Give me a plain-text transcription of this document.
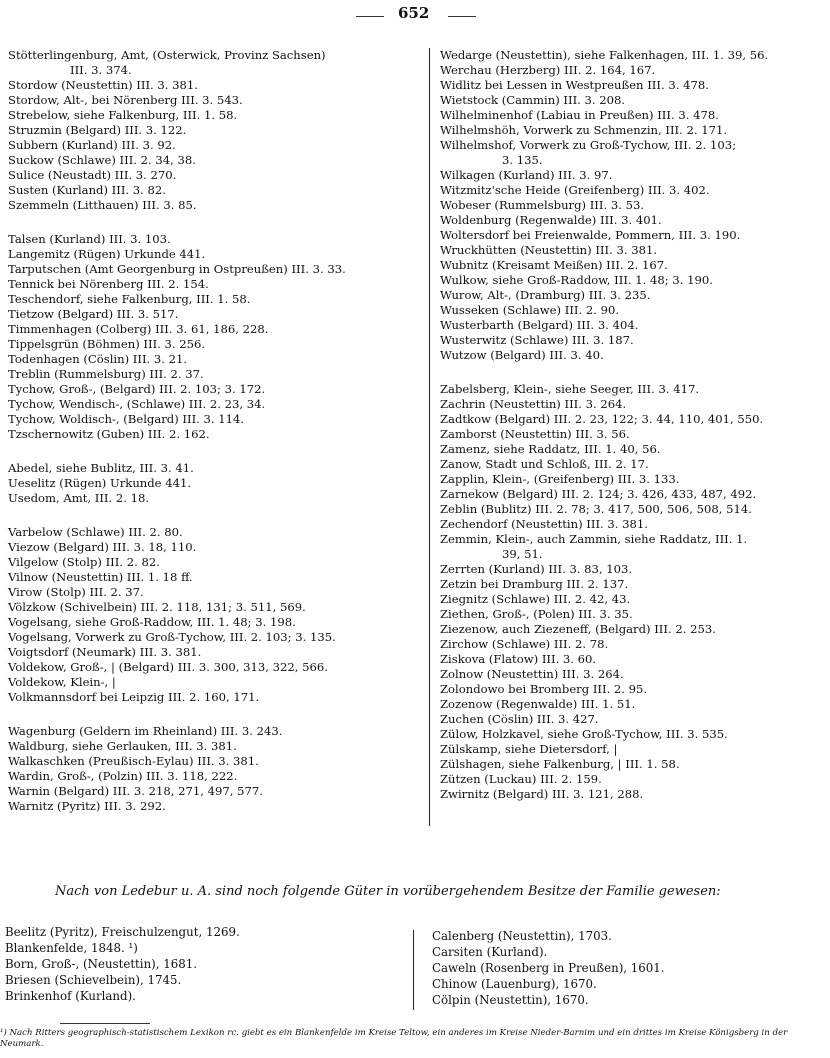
652
Stötterlingenburg, Amt, (Osterwick, Provinz Sachsen)
III. 3. 374.
Stordow (Neustettin) III. 3. 381.
Stordow, Alt-, bei Nörenberg III. 3. 543.
Strebelow, siehe Falkenburg, III. 1. 58.
Struzmin (Belgard) III. 3. 122.
Subbern (Kurland) III. 3. 92.
Suckow (Schlawe) III. 2. 34, 38.
Sulice (Neustadt) III. 3. 270.
Susten (Kurland) III. 3. 82.
Szemmeln (Litthauen) III. 3. 85.
Talsen (Kurland) III. 3. 103.
Langemitz (Rügen) Urkunde 441.
Tarputschen (Amt Georgenburg in Ostpreußen) III. 3. 33.
Tennick bei Nörenberg III. 2. 154.
Teschendorf, siehe Falkenburg, III. 1. 58.
Tietzow (Belgard) III. 3. 517.
Timmenhagen (Colberg) III. 3. 61, 186, 228.
Tippelsgrün (Böhmen) III. 3. 256.
Todenhagen (Cöslin) III. 3. 21.
Treblin (Rummelsburg) III. 2. 37.
Tychow, Groß-, (Belgard) III. 2. 103; 3. 172.
Tychow, Wendisch-, (Schlawe) III. 2. 23, 34.
Tychow, Woldisch-, (Belgard) III. 3. 114.
Tzschernowitz (Guben) III. 2. 162.
Abedel, siehe Bublitz, III. 3. 41.
Ueselitz (Rügen) Urkunde 441.
Usedom, Amt, III. 2. 18.
Varbelow (Schlawe) III. 2. 80.
Viezow (Belgard) III. 3. 18, 110.
Vilgelow (Stolp) III. 2. 82.
Vilnow (Neustettin) III. 1. 18 ff.
Virow (Stolp) III. 2. 37.
Völzkow (Schivelbein) III. 2. 118, 131; 3. 511, 569.
Vogelsang, siehe Groß-Raddow, III. 1. 48; 3. 198.
Vogelsang, Vorwerk zu Groß-Tychow, III. 2. 103; 3. 135.
Voigtsdorf (Neumark) III. 3. 381.
Voldekow, Groß-, | (Belgard) III. 3. 300, 313, 322, 566.
Voldekow, Klein-, |
Volkmannsdorf bei Leipzig III. 2. 160, 171.
Wagenburg (Geldern im Rheinland) III. 3. 243.
Waldburg, siehe Gerlauken, III. 3. 381.
Walkaschken (Preußisch-Eylau) III. 3. 381.
Wardin, Groß-, (Polzin) III. 3. 118, 222.
Warnin (Belgard) III. 3. 218, 271, 497, 577.
Warnitz (Pyritz) III. 3. 292.
Wedarge (Neustettin), siehe Falkenhagen, III. 1. 39, 56.
Werchau (Herzberg) III. 2. 164, 167.
Widlitz bei Lessen in Westpreußen III. 3. 478.
Wietstock (Cammin) III. 3. 208.
Wilhelminenhof (Labiau in Preußen) III. 3. 478.
Wilhelmshöh, Vorwerk zu Schmenzin, III. 2. 171.
Wilhelmshof, Vorwerk zu Groß-Tychow, III. 2. 103;
3. 135.
Wilkagen (Kurland) III. 3. 97.
Witzmitz'sche Heide (Greifenberg) III. 3. 402.
Wobeser (Rummelsburg) III. 3. 53.
Woldenburg (Regenwalde) III. 3. 401.
Woltersdorf bei Freienwalde, Pommern, III. 3. 190.
Wruckhütten (Neustettin) III. 3. 381.
Wubnitz (Kreisamt Meißen) III. 2. 167.
Wulkow, siehe Groß-Raddow, III. 1. 48; 3. 190.
Wurow, Alt-, (Dramburg) III. 3. 235.
Wusseken (Schlawe) III. 2. 90.
Wusterbarth (Belgard) III. 3. 404.
Wusterwitz (Schlawe) III. 3. 187.
Wutzow (Belgard) III. 3. 40.
Zabelsberg, Klein-, siehe Seeger, III. 3. 417.
Zachrin (Neustettin) III. 3. 264.
Zadtkow (Belgard) III. 2. 23, 122; 3. 44, 110, 401, 550.
Zamborst (Neustettin) III. 3. 56.
Zamenz, siehe Raddatz, III. 1. 40, 56.
Zanow, Stadt und Schloß, III. 2. 17.
Zapplin, Klein-, (Greifenberg) III. 3. 133.
Zarnekow (Belgard) III. 2. 124; 3. 426, 433, 487, 492.
Zeblin (Bublitz) III. 2. 78; 3. 417, 500, 506, 508, 514.
Zechendorf (Neustettin) III. 3. 381.
Zemmin, Klein-, auch Zammin, siehe Raddatz, III. 1.
39, 51.
Zerrten (Kurland) III. 3. 83, 103.
Zetzin bei Dramburg III. 2. 137.
Ziegnitz (Schlawe) III. 2. 42, 43.
Ziethen, Groß-, (Polen) III. 3. 35.
Ziezenow, auch Ziezeneff, (Belgard) III. 2. 253.
Zirchow (Schlawe) III. 2. 78.
Ziskova (Flatow) III. 3. 60.
Zolnow (Neustettin) III. 3. 264.
Zolondowo bei Bromberg III. 2. 95.
Zozenow (Regenwalde) III. 1. 51.
Zuchen (Cöslin) III. 3. 427.
Zülow, Holzkavel, siehe Groß-Tychow, III. 3. 535.
Zülskamp, siehe Dietersdorf, |
Zülshagen, siehe Falkenburg, | III. 1. 58.
Zützen (Luckau) III. 2. 159.
Zwirnitz (Belgard) III. 3. 121, 288.
Nach von Ledebur u. A. sind noch folgende Güter in vorübergehendem Besitze der Familie gewesen:
Beelitz (Pyritz), Freischulzengut, 1269.
Blankenfelde, 1848. ¹)
Born, Groß-, (Neustettin), 1681.
Briesen (Schievelbein), 1745.
Brinkenhof (Kurland).
Calenberg (Neustettin), 1703.
Carsiten (Kurland).
Caweln (Rosenberg in Preußen), 1601.
Chinow (Lauenburg), 1670.
Cölpin (Neustettin), 1670.
¹) Nach Ritters geographisch-statistischem Lexikon rc. giebt es ein Blankenfelde im Kreise Teltow, ein anderes im Kreise Nieder-Barnim und ein drittes im Kreise Königsberg in der Neumark.
